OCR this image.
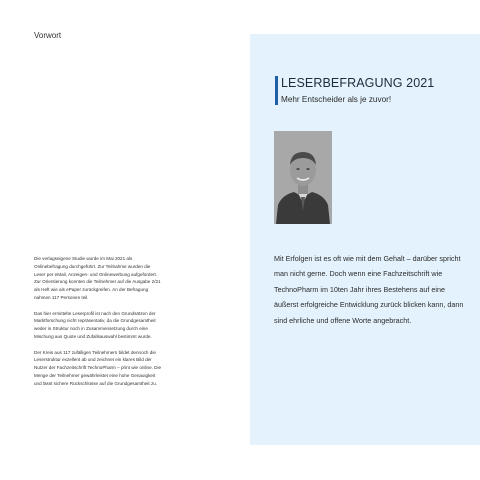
Vorwort

Die verlagseigene Studie wurde im Mai 2021 als Onlinebefragung durchgeführt. Zur Teilnahme wurden die Leser per eMail, Anzeigen- und Onlinewerbung aufgefordert. Zur Orientierung konnten die Teilnehmer auf die Ausgabe 2/21 als Heft wie als ePaper zurückgreifen. An der Befragung nahmen 117 Personen teil.

Das hier ermittelte Leserprofil ist nach den Grundsätzen der Marktforschung nicht repräsentativ, da die Grundgesamtheit weder in Struktur noch in Zusammensetzung durch eine Mischung aus Quote und Zufallsauswahl bestimmt wurde.

Der Kreis aus 117 zufälligen Teilnehmern bildet dennoch die Leserstruktur exzellent ab und zeichnet ein klares Bild der Nutzer der Fachzeitschrift TechnoPharm – print wie online. Die Menge der Teilnehmer gewährleistet eine hohe Genauigkeit und lässt sichere Rückschlüsse auf die Grundgesamtheit zu.

LESERBEFRAGUNG 2021
Mehr Entscheider als je zuvor!
Mit Erfolgen ist es oft wie mit dem Gehalt – darüber spricht man nicht gerne. Doch wenn eine Fachzeitschrift wie TechnoPharm im 10ten Jahr ihres Bestehens auf eine äußerst erfolgreiche Entwicklung zurück blicken kann, dann sind ehrliche und offene Worte angebracht.
